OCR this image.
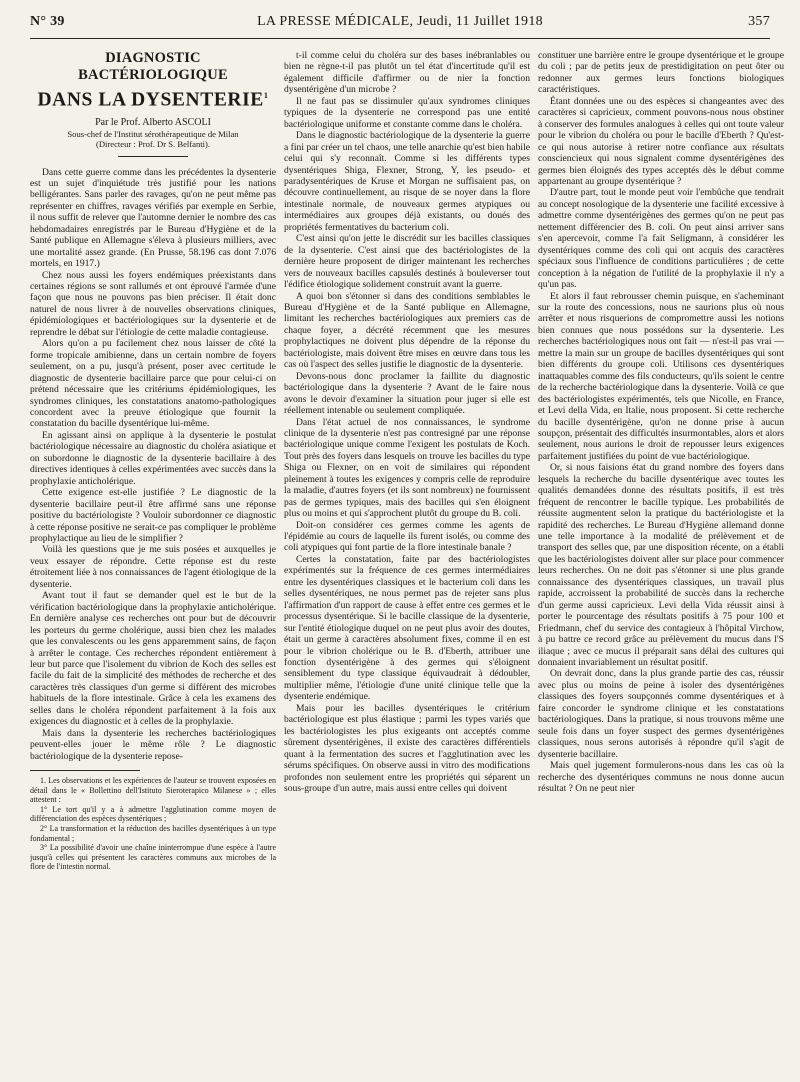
N° 39	LA PRESSE MÉDICALE, Jeudi, 11 Juillet 1918	357
DIAGNOSTIC BACTÉRIOLOGIQUE
DANS LA DYSENTERIE$^1$
Par le Prof. Alberto ASCOLI
Sous-chef de l'Institut sérothérapeutique de Milan
(Directeur : Prof. Dr S. Belfanti).

Dans cette guerre comme dans les précédentes la dysenterie est un sujet d'inquiétude très justifié pour les nations belligérantes. Sans parler des ravages, qu'on ne peut même pas représenter en chiffres, ravages vérifiés par exemple en Serbie, il nous suffit de relever que l'automne dernier le nombre des cas hebdomadaires enregistrés par le Bureau d'Hygiène et de la Santé publique en Allemagne s'éleva à plusieurs milliers, avec une mortalité assez grande. (En Prusse, 58.196 cas dont 7.076 mortels, en 1917.)

Chez nous aussi les foyers endémiques préexistants dans certaines régions se sont rallumés et ont éprouvé l'armée d'une façon que nous ne pouvons pas bien préciser. Il était donc naturel de nous livrer à de nouvelles observations cliniques, épidémiologiques et bactériologiques sur la dysenterie et de reprendre le débat sur l'étiologie de cette maladie contagieuse.

Alors qu'on a pu facilement chez nous laisser de côté la forme tropicale amibienne, dans un certain nombre de foyers seulement, on a pu, jusqu'à présent, poser avec certitude le diagnostic de dysenterie bacillaire parce que pour celui-ci on prétend nécessaire que les critériums épidémiologiques, les syndromes cliniques, les constatations anatomo-pathologiques concordent avec la preuve étiologique que fournit la constatation du bacille dysentérique lui-même.

En agissant ainsi on applique à la dysenterie le postulat bactériologique nécessaire au diagnostic du choléra asiatique et on subordonne le diagnostic de la dysenterie bacillaire à des directives identiques à celles expérimentées avec succès dans la prophylaxie anticholérique.

Cette exigence est-elle justifiée ? Le diagnostic de la dysenterie bacillaire peut-il être affirmé sans une réponse positive du bactériologiste ? Vouloir subordonner ce diagnostic à cette réponse positive ne serait-ce pas compliquer le problème prophylactique au lieu de le simplifier ?

Voilà les questions que je me suis posées et auxquelles je veux essayer de répondre. Cette réponse est du reste étroitement liée à nos connaissances de l'agent étiologique de la dysenterie.

Avant tout il faut se demander quel est le but de la vérification bactériologique dans la prophylaxie anticholérique. En dernière analyse ces recherches ont pour but de découvrir les porteurs du germe cholérique, aussi bien chez les malades que les convalescents ou les gens apparemment sains, de façon à arrêter le contage. Ces recherches répondent entièrement à leur but parce que l'isolement du vibrion de Koch des selles est facile du fait de la simplicité des méthodes de recherche et des caractères très classiques d'un germe si différent des microbes habituels de la flore intestinale. Grâce à cela les examens des selles dans le choléra répondent parfaitement à la fois aux exigences du diagnostic et à celles de la prophylaxie.

Mais dans la dysenterie les recherches bactériologiques peuvent-elles jouer le même rôle ? Le diagnostic bactériologique de la dysenterie repose-

1. Les observations et les expériences de l'auteur se trouvent exposées en détail dans le « Bollettino dell'Istituto Sieroterapico Milanese » ; elles attestent :

1° Le tort qu'il y a à admettre l'agglutination comme moyen de différenciation des espèces dysentériques ;

2° La transformation et la réduction des bacilles dysentériques à un type fondamental ;

3° La possibilité d'avoir une chaîne ininterrompue d'une espèce à l'autre jusqu'à celles qui présentent les caractères communs aux microbes de la flore de l'intestin normal.

t-il comme celui du choléra sur des bases inébranlables ou bien ne règne-t-il pas plutôt un tel état d'incertitude qu'il est également difficile d'affirmer ou de nier la fonction dysentérigène d'un microbe ?

Il ne faut pas se dissimuler qu'aux syndromes cliniques typiques de la dysenterie ne correspond pas une entité bactériologique uniforme et constante comme dans le choléra.

Dans le diagnostic bactériologique de la dysenterie la guerre a fini par créer un tel chaos, une telle anarchie qu'est bien habile celui qui s'y reconnaît. Comme si les différents types dysentériques Shiga, Flexner, Strong, Y, les pseudo- et paradysentériques de Kruse et Morgan ne suffisaient pas, on découvre continuellement, au risque de se noyer dans la flore intestinale normale, de nouveaux germes atypiques ou intermédiaires aux groupes déjà existants, ou doués des propriétés fermentatives du bacterium coli.

C'est ainsi qu'on jette le discrédit sur les bacilles classiques de la dysenterie. C'est ainsi que des bactériologistes de la dernière heure proposent de diriger maintenant les recherches vers de nouveaux bacilles capsulés destinés à bouleverser tout l'édifice étiologique solidement construit avant la guerre.

A quoi bon s'étonner si dans des conditions semblables le Bureau d'Hygiène et de la Santé publique en Allemagne, limitant les recherches bactériologiques aux premiers cas de chaque foyer, a décrété récemment que les mesures prophylactiques ne doivent plus dépendre de la réponse du bactériologiste, mais doivent être mises en œuvre dans tous les cas où l'aspect des selles justifie le diagnostic de la dysenterie.

Devons-nous donc proclamer la faillite du diagnostic bactériologique dans la dysenterie ? Avant de le faire nous avons le devoir d'examiner la situation pour juger si elle est réellement intenable ou seulement compliquée.

Dans l'état actuel de nos connaissances, le syndrome clinique de la dysenterie n'est pas contresigné par une réponse bactériologique unique comme l'exigent les postulats de Koch. Tout près des foyers dans lesquels on trouve les bacilles du type Shiga ou Flexner, on en voit de similaires qui répondent pleinement à toutes les exigences y compris celle de reproduire la maladie, d'autres foyers (et ils sont nombreux) ne fournissent pas de germes typiques, mais des bacilles qui s'en éloignent plus ou moins et qui s'approchent plutôt du groupe du B. coli.

Doit-on considérer ces germes comme les agents de l'épidémie au cours de laquelle ils furent isolés, ou comme des coli atypiques qui font partie de la flore intestinale banale ?

Certes la constatation, faite par des bactériologistes expérimentés sur la fréquence de ces germes intermédiaires entre les dysentériques classiques et le bacterium coli dans les selles dysentériques, ne nous permet pas de rejeter sans plus l'affirmation d'un rapport de cause à effet entre ces germes et le processus dysentérique. Si le bacille classique de la dysenterie, sur l'entité étiologique duquel on ne peut plus avoir des doutes, était un germe à caractères absolument fixes, comme il en est pour le vibrion cholérique ou le B. d'Eberth, attribuer une fonction dysentérigène à des germes qui s'éloignent sensiblement du type classique équivaudrait à dédoubler, multiplier même, l'étiologie d'une unité clinique telle que la dysenterie endémique.

Mais pour les bacilles dysentériques le critérium bactériologique est plus élastique ; parmi les types variés que les bactériologistes les plus exigeants ont acceptés comme sûrement dysentérigènes, il existe des caractères différentiels quant à la fermentation des sucres et l'agglutination avec les sérums spécifiques. On observe aussi in vitro des modifications profondes non seulement entre les propriétés qui séparent un sous-groupe d'un autre, mais aussi entre celles qui doivent

constituer une barrière entre le groupe dysentérique et le groupe du coli ; par de petits jeux de prestidigitation on peut ôter ou redonner aux germes leurs fonctions biologiques caractéristiques.

Étant données une ou des espèces si changeantes avec des caractères si capricieux, comment pouvons-nous nous obstiner à conserver des formules analogues à celles qui ont toute valeur pour le vibrion du choléra ou pour le bacille d'Eberth ? Qu'est-ce qui nous autorise à retirer notre confiance aux résultats consciencieux qui nous signalent comme dysentérigènes des germes bien éloignés des types acceptés dès le début comme appartenant au groupe dysentérique ?

D'autre part, tout le monde peut voir l'embûche que tendrait au concept nosologique de la dysenterie une facilité excessive à admettre comme dysentérigènes des germes qu'on ne peut pas nettement différencier des B. coli. On peut ainsi arriver sans s'en apercevoir, comme l'a fait Seligmann, à considérer les dysentériques comme des coli qui ont acquis des caractères spéciaux sous l'influence de conditions particulières ; de cette conception à la négation de l'utilité de la prophylaxie il n'y a qu'un pas.

Et alors il faut rebrousser chemin puisque, en s'acheminant sur la route des concessions, nous ne saurions plus où nous arrêter et nous risquerions de compromettre aussi les notions bien connues que nous possédons sur la dysenterie. Les recherches bactériologiques nous ont fait — n'est-il pas vrai — mettre la main sur un groupe de bacilles dysentériques qui sont bien différents du groupe coli. Utilisons ces dysentériques inattaquables comme des fils conducteurs, qu'ils soient le centre de la recherche bactériologique dans la dysenterie. Voilà ce que des bactériologistes expérimentés, tels que Nicolle, en France, et Levi della Vida, en Italie, nous proposent. Si cette recherche du bacille dysentérigène, qu'on ne donne prise à aucun soupçon, présentait des difficultés insurmontables, alors et alors seulement, nous aurions le droit de repousser leurs exigences parfaitement justifiées du point de vue bactériologique.

Or, si nous faisions état du grand nombre des foyers dans lesquels la recherche du bacille dysentérique avec toutes les qualités demandées donne des résultats positifs, il est très fréquent de rencontrer le bacille typique. Les probabilités de réussite augmentent selon la pratique du bactériologiste et la rapidité des recherches. Le Bureau d'Hygiène allemand donne une telle importance à la modalité de prélèvement et de transport des selles que, par une disposition récente, on a établi que les bactériologistes doivent aller sur place pour commencer leurs recherches. On ne doit pas s'étonner si une plus grande connaissance des dysentériques classiques, un travail plus rapide, accroissent la probabilité de succès dans la recherche d'un germe aussi capricieux. Levi della Vida réussit ainsi à porter le pourcentage des résultats positifs à 75 pour 100 et Friedmann, chef du service des contagieux à l'hôpital Virchow, à pu battre ce record grâce au prélèvement du mucus dans l'S iliaque ; avec ce mucus il préparait sans délai des cultures qui donnaient invariablement un résultat positif.

On devrait donc, dans la plus grande partie des cas, réussir avec plus ou moins de peine à isoler des dysentérigènes classiques des foyers soupçonnés comme dysentériques et à faire concorder le syndrome clinique et les constatations bactériologiques. Dans la pratique, si nous trouvons même une seule fois dans un foyer suspect des germes dysentérigènes classiques, nous serons autorisés à répondre qu'il s'agit de dysenterie bacillaire.

Mais quel jugement formulerons-nous dans les cas où la recherche des dysentériques communs ne nous donne aucun résultat ? On ne peut nier
